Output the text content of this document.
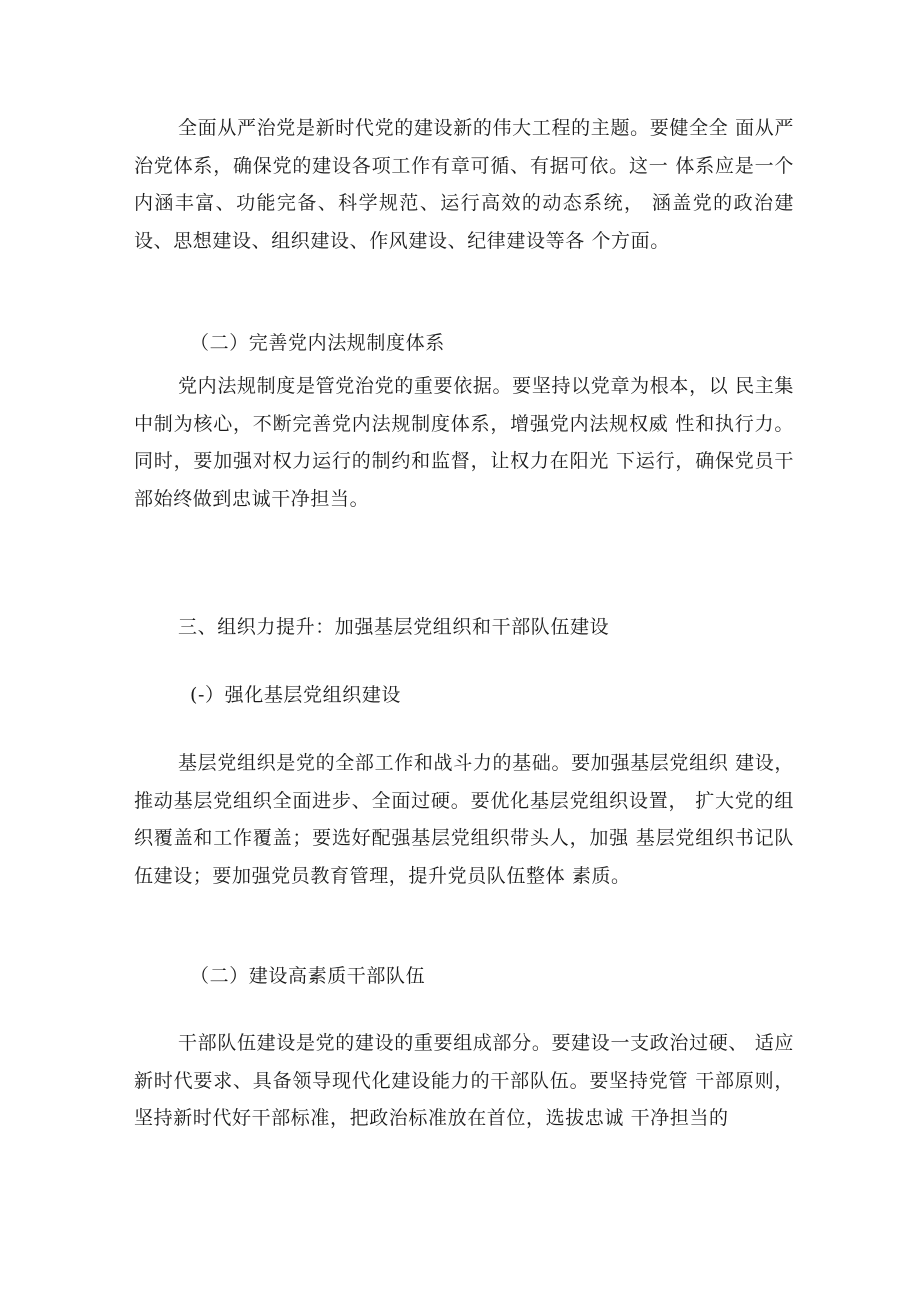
全面从严治党是新时代党的建设新的伟大工程的主题。要健全全 面从严治党体系，确保党的建设各项工作有章可循、有据可依。这一 体系应是一个内涵丰富、功能完备、科学规范、运行高效的动态系统， 涵盖党的政治建设、思想建设、组织建设、作风建设、纪律建设等各 个方面。

（二）完善党内法规制度体系

党内法规制度是管党治党的重要依据。要坚持以党章为根本，以 民主集中制为核心，不断完善党内法规制度体系，增强党内法规权威 性和执行力。同时，要加强对权力运行的制约和监督，让权力在阳光 下运行，确保党员干部始终做到忠诚干净担当。

三、组织力提升：加强基层党组织和干部队伍建设
(-）强化基层党组织建设

基层党组织是党的全部工作和战斗力的基础。要加强基层党组织 建设，推动基层党组织全面进步、全面过硬。要优化基层党组织设置， 扩大党的组织覆盖和工作覆盖；要选好配强基层党组织带头人，加强 基层党组织书记队伍建设；要加强党员教育管理，提升党员队伍整体 素质。

（二）建设高素质干部队伍

干部队伍建设是党的建设的重要组成部分。要建设一支政治过硬、 适应新时代要求、具备领导现代化建设能力的干部队伍。要坚持党管 干部原则，坚持新时代好干部标准，把政治标准放在首位，选拔忠诚 干净担当的
